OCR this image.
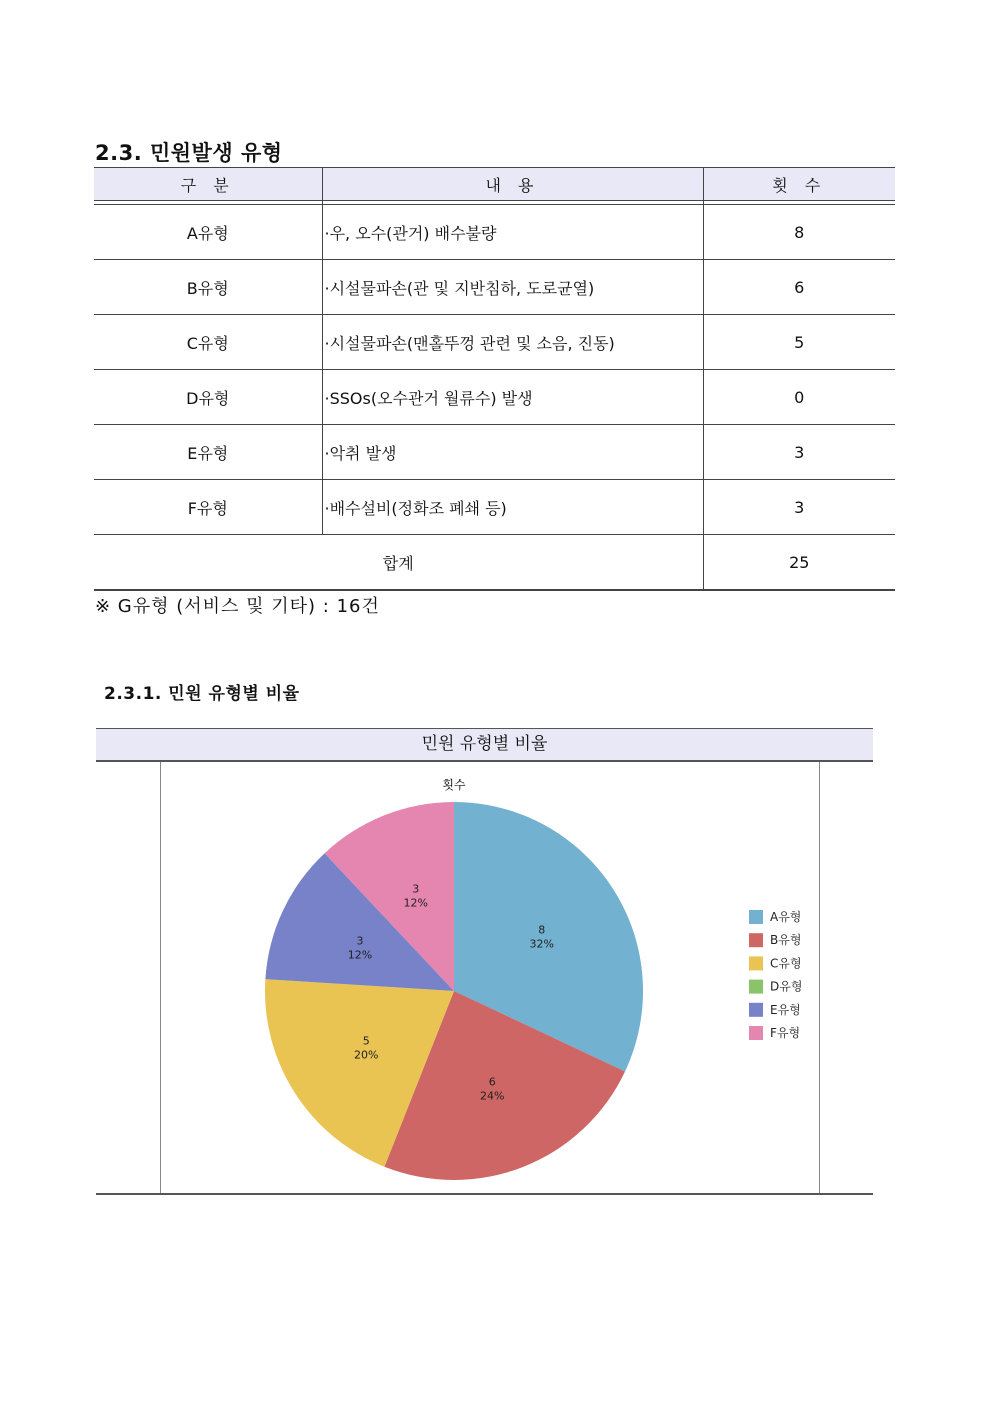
2.3. 민원발생 유형
구 분	내 용	횟 수

A유형	·우, 오수(관거) 배수불량	8
B유형	·시설물파손(관 및 지반침하, 도로균열)	6
C유형	·시설물파손(맨홀뚜껑 관련 및 소음, 진동)	5
D유형	·SSOs(오수관거 월류수) 발생	0
E유형	·악취 발생	3
F유형	·배수설비(정화조 폐쇄 등)	3
합계		25
※ G유형 (서비스 및 기타) : 16건
2.3.1. 민원 유형별 비율
민원 유형별 비율
횟수
8
32%
6
24%
5
20%
3
12%
3
12%
A유형
B유형
C유형
D유형
E유형
F유형
